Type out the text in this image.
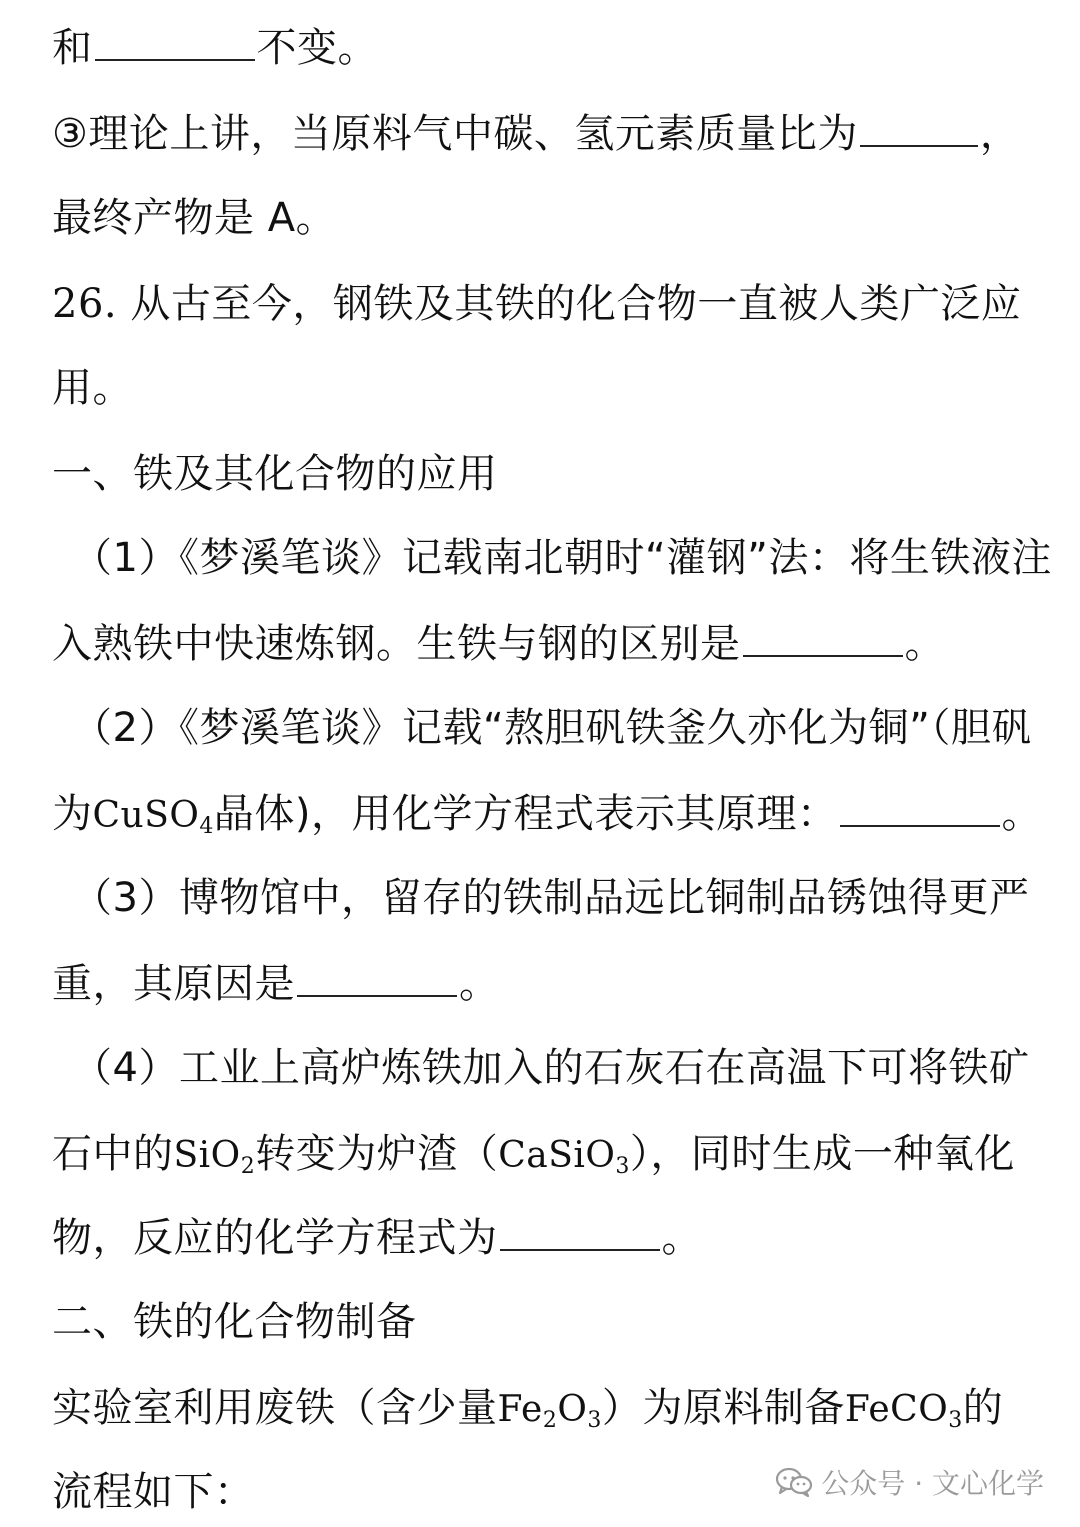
和	不变。
③理论上讲，当原料气中碳、氢元素质量比为	，
最终产物是 A。
26. 从古至今，钢铁及其铁的化合物一直被人类广泛应
用。
一、铁及其化合物的应用
（1）《梦溪笔谈》记载南北朝时“灌钢”法：将生铁液注
入熟铁中快速炼钢。生铁与钢的区别是	。
（2）《梦溪笔谈》记载“熬胆矾铁釜久亦化为铜”（胆矾
为CuSO$_4$晶体)，用化学方程式表示其原理：	。
（3）博物馆中，留存的铁制品远比铜制品锈蚀得更严
重，其原因是	。
（4）工业上高炉炼铁加入的石灰石在高温下可将铁矿
石中的SiO$_2$转变为炉渣（CaSiO$_3$），同时生成一种氧化
物，反应的化学方程式为	。
二、铁的化合物制备
实验室利用废铁（含少量$Fe_2O_3$）为原料制备FeCO$_3$的
流程如下：	公众号 · 文心化学
